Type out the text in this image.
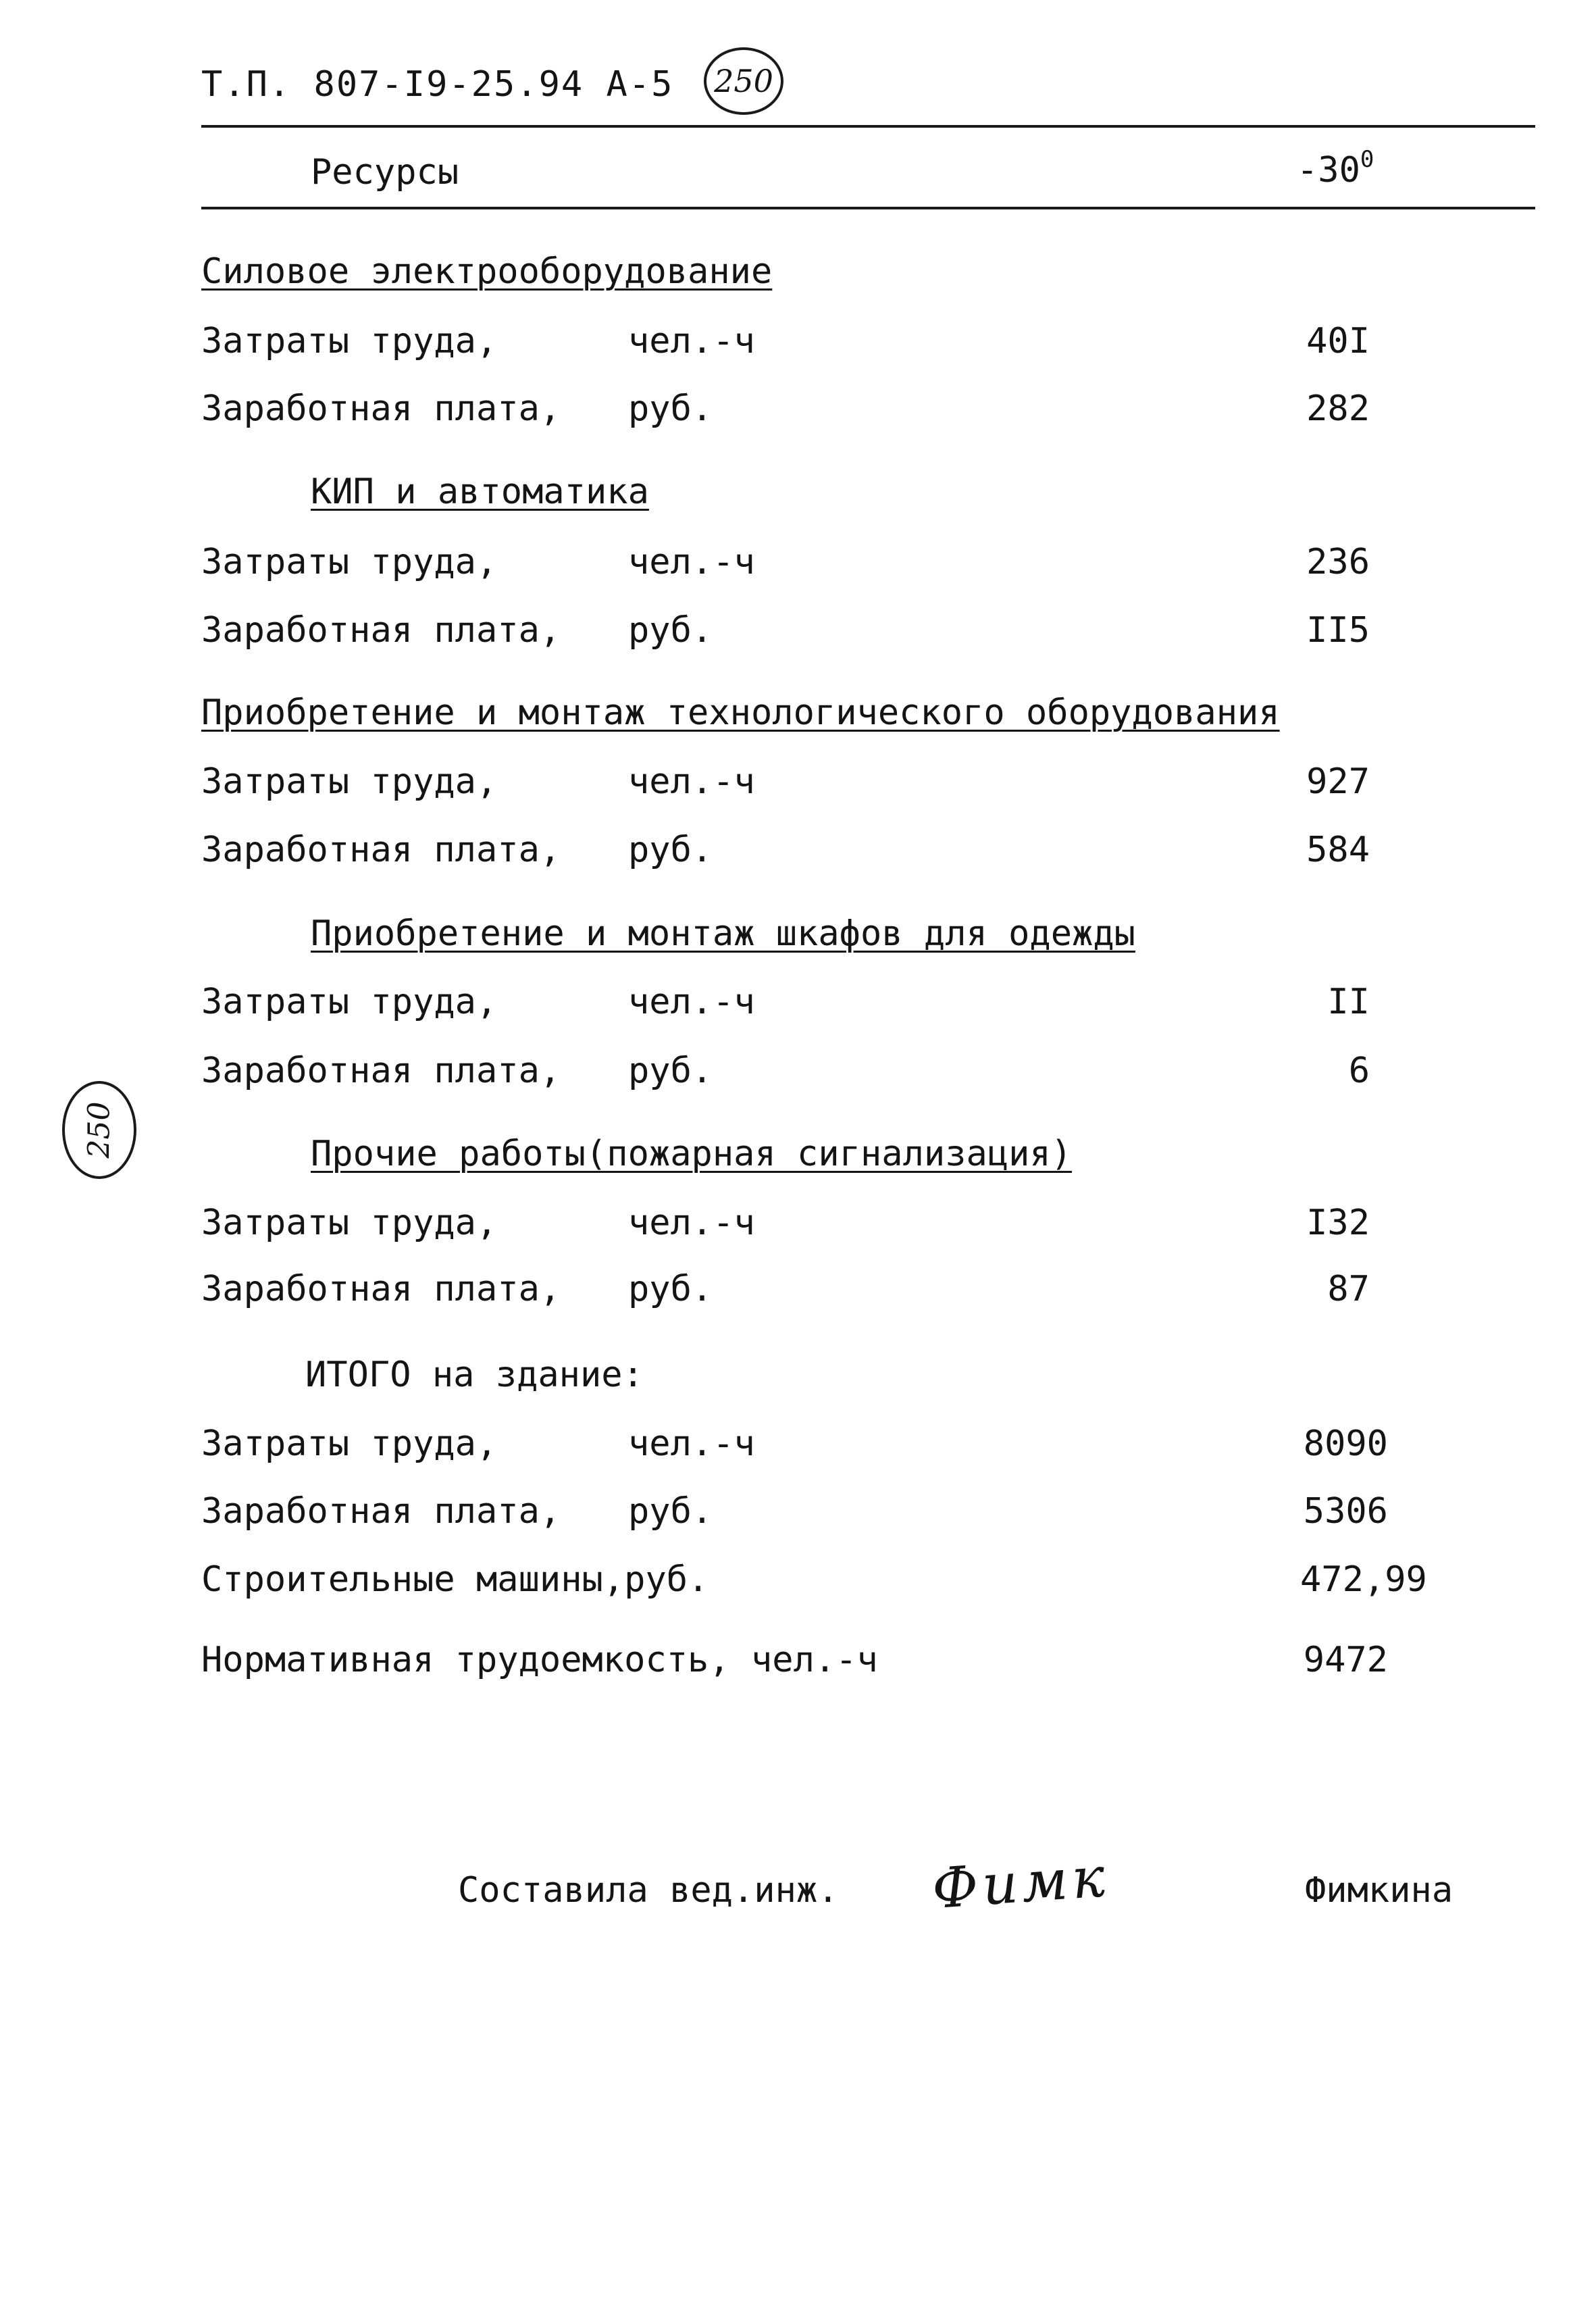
Т.П. 807-I9-25.94 А-5 250
Ресурсы	$-30^0$
250
Силовое электрооборудование
Затраты труда,	чел.-ч	40I
Заработная плата, руб.	282
КИП и автоматика
Затраты труда,	чел.-ч	236
Заработная плата, руб.	II5
Приобретение и монтаж технологического оборудования
Затраты труда,	чел.-ч	927
Заработная плата, руб.	584
Приобретение и монтаж шкафов для одежды
Затраты труда,	чел.-ч	II
Заработная плата, руб.	6
Прочие работы(пожарная сигнализация)
Затраты труда,	чел.-ч	I32
Заработная плата, руб.	87
ИТОГО на здание:
Затраты труда,	чел.-ч	8090
Заработная плата, руб.	5306
Строительные машины,руб.	472,99
Нормативная трудоемкость, чел.-ч	9472
Составила вед.инж. Фимк	Фимкина
